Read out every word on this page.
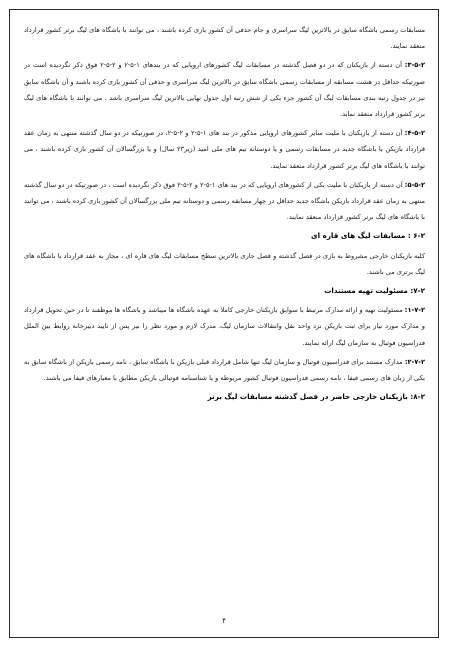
مسابقات رسمی باشگاه سابق در بالاترین لیگ سراسری و جام حذفی آن کشور بازی کرده باشند ، می توانند با باشگاه های لیگ برتر کشور قرارداد منعقد نمایند.

۳-۵-۲: آن دسته از بازیکنان که در دو فصل گذشته در مسابقات لیگ کشورهای اروپایی که در بندهای ۱-۵-۲ و ۲-۵-۲ فوق ذکر نگردیده است در صورتیکه حداقل در هشت مسابقه از مسابقات رسمی باشگاه سابق در بالاترین لیگ سراسری و حذفی آن کشور بازی کرده باشند و آن باشگاه سابق نیز در جدول رتبه بندی مسابقات لیگ آن کشور جزء یکی از شش رتبه اول جدول نهایی بالاترین لیگ سراسری باشد ، می توانند با باشگاه های لیگ برتر کشور قرارداد منعقد نماید.

۴-۵-۲: آن دسته از بازیکنان با ملیت سایر کشورهای اروپایی مذکور در بند های ۱-۵-۲ و ۲-۵-۲، در صورتیکه در دو سال گذشته منتهی به زمان عقد قرارداد بازیکن با باشگاه جدید در مسابقات رسمی و یا دوستانه تیم های ملی امید (زیر۲۳ سال) و یا بزرگسالان آن کشور بازی کرده باشند ، می توانند با باشگاه های لیگ برتر کشور قرارداد منعقد نمایند.

۵-۵-۲: آن دسته از بازیکنان با ملیت یکی از کشورهای اروپایی که در بند های ۱-۵-۲ و ۲-۵-۲ فوق ذکر نگردیده است ، در صورتیکه در دو سال گذشته منتهی به زمان عقد قرارداد بازیکن باشگاه جدید حداقل در چهار مسابقه رسمی و دوستانه تیم ملی بزرگسالان آن کشور بازی کرده باشند ، می توانند با باشگاه های لیگ برتر کشور قرارداد منعقد نمایند.

۶-۲ : مسابقات لیگ های قاره ای

کلیه بازیکنان خارجی مشروط به بازی در فصل گذشته و فصل جاری بالاترین سطح مسابقات لیگ های قاره ای ، مجاز به عقد قرارداد با باشگاه های لیگ برتری می باشند.

۷-۲: مسئولیت تهیه مستندات

۱-۷-۲: مسئولیت تهیه و ارائه مدارک مرتبط با سوابق بازیکنان خارجی کاملا به عهده باشگاه ها میباشد و باشگاه ها موظفند تا در حین تحویل قرارداد و مدارک مورد نیاز برای ثبت بازیکن نزد واحد نقل وانتقالات سازمان لیگ، مدرک لازم و مورد نظر را نیز پس از تایید دبیرخانه روابط بین الملل فدراسیون فوتبال به سازمان لیگ ارائه نمایند.

۲-۷-۲: مدارک مستند برای فدراسیون فوتبال و سازمان لیگ تنها شامل قرارداد قبلی بازیکن با باشگاه سابق ، نامه رسمی بازیکن از باشگاه سابق به یکی از زبان های رسمی فیفا ، نامه رسمی فدراسیون فوتبال کشور مربوطه و یا شناسنامه فوتبالی بازیکن مطابق با معیارهای فیفا می باشند.

۸-۲: بازیکنان خارجی حاضر در فصل گذشته مسابقات لیگ برتر
۴
